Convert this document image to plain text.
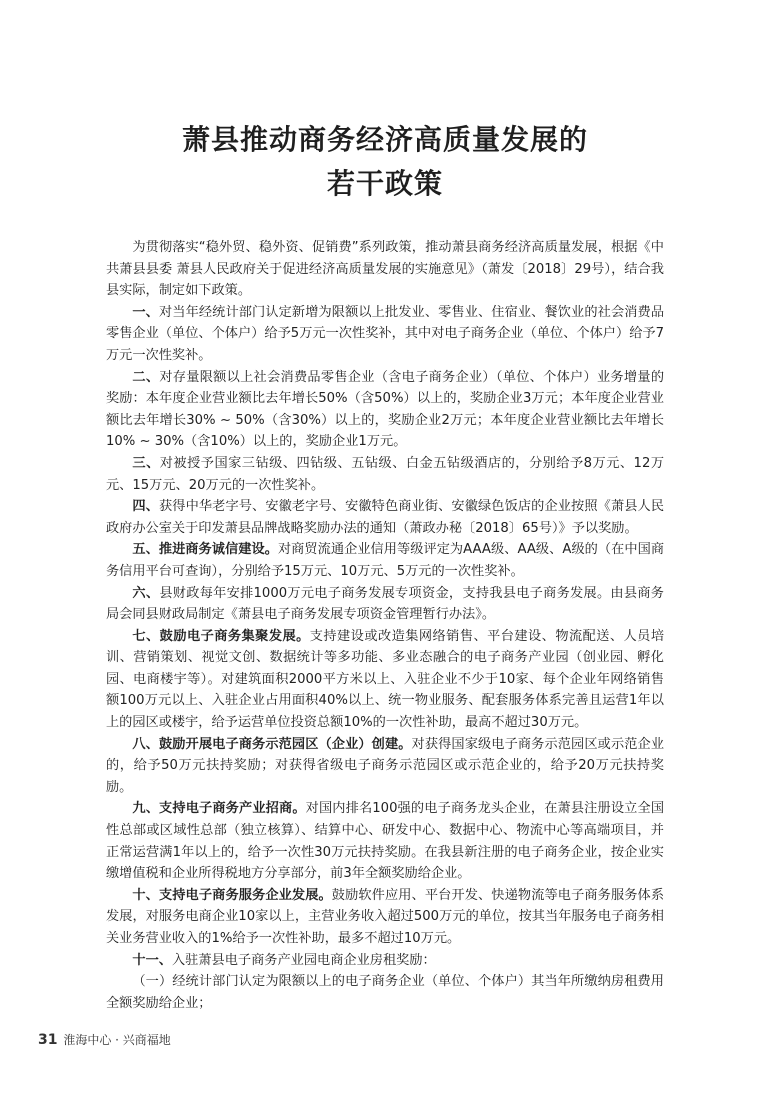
萧县推动商务经济高质量发展的
若干政策

为贯彻落实“稳外贸、稳外资、促销费”系列政策，推动萧县商务经济高质量发展，根据《中共萧县县委 萧县人民政府关于促进经济高质量发展的实施意见》（萧发〔2018〕29号），结合我县实际，制定如下政策。

一、对当年经统计部门认定新增为限额以上批发业、零售业、住宿业、餐饮业的社会消费品零售企业（单位、个体户）给予5万元一次性奖补，其中对电子商务企业（单位、个体户）给予7万元一次性奖补。

二、对存量限额以上社会消费品零售企业（含电子商务企业）（单位、个体户）业务增量的奖励：本年度企业营业额比去年增长50%（含50%）以上的，奖励企业3万元；本年度企业营业额比去年增长30% ~ 50%（含30%）以上的，奖励企业2万元；本年度企业营业额比去年增长10% ~ 30%（含10%）以上的，奖励企业1万元。

三、对被授予国家三钻级、四钻级、五钻级、白金五钻级酒店的，分别给予8万元、12万元、15万元、20万元的一次性奖补。

四、获得中华老字号、安徽老字号、安徽特色商业街、安徽绿色饭店的企业按照《萧县人民政府办公室关于印发萧县品牌战略奖励办法的通知（萧政办秘〔2018〕65号）》予以奖励。

五、推进商务诚信建设。对商贸流通企业信用等级评定为AAA级、AA级、A级的（在中国商务信用平台可查询），分别给予15万元、10万元、5万元的一次性奖补。

六、县财政每年安排1000万元电子商务发展专项资金，支持我县电子商务发展。由县商务局会同县财政局制定《萧县电子商务发展专项资金管理暂行办法》。

七、鼓励电子商务集聚发展。支持建设或改造集网络销售、平台建设、物流配送、人员培训、营销策划、视觉文创、数据统计等多功能、多业态融合的电子商务产业园（创业园、孵化园、电商楼宇等）。对建筑面积2000平方米以上、入驻企业不少于10家、每个企业年网络销售额100万元以上、入驻企业占用面积40%以上、统一物业服务、配套服务体系完善且运营1年以上的园区或楼宇，给予运营单位投资总额10%的一次性补助，最高不超过30万元。

八、鼓励开展电子商务示范园区（企业）创建。对获得国家级电子商务示范园区或示范企业的，给予50万元扶持奖励；对获得省级电子商务示范园区或示范企业的，给予20万元扶持奖励。

九、支持电子商务产业招商。对国内排名100强的电子商务龙头企业，在萧县注册设立全国性总部或区域性总部（独立核算）、结算中心、研发中心、数据中心、物流中心等高端项目，并正常运营满1年以上的，给予一次性30万元扶持奖励。在我县新注册的电子商务企业，按企业实缴增值税和企业所得税地方分享部分，前3年全额奖励给企业。

十、支持电子商务服务企业发展。鼓励软件应用、平台开发、快递物流等电子商务服务体系发展，对服务电商企业10家以上，主营业务收入超过500万元的单位，按其当年服务电子商务相关业务营业收入的1%给予一次性补助，最多不超过10万元。

十一、入驻萧县电子商务产业园电商企业房租奖励：

（一）经统计部门认定为限额以上的电子商务企业（单位、个体户）其当年所缴纳房租费用全额奖励给企业；

31 淮海中心 · 兴商福地
